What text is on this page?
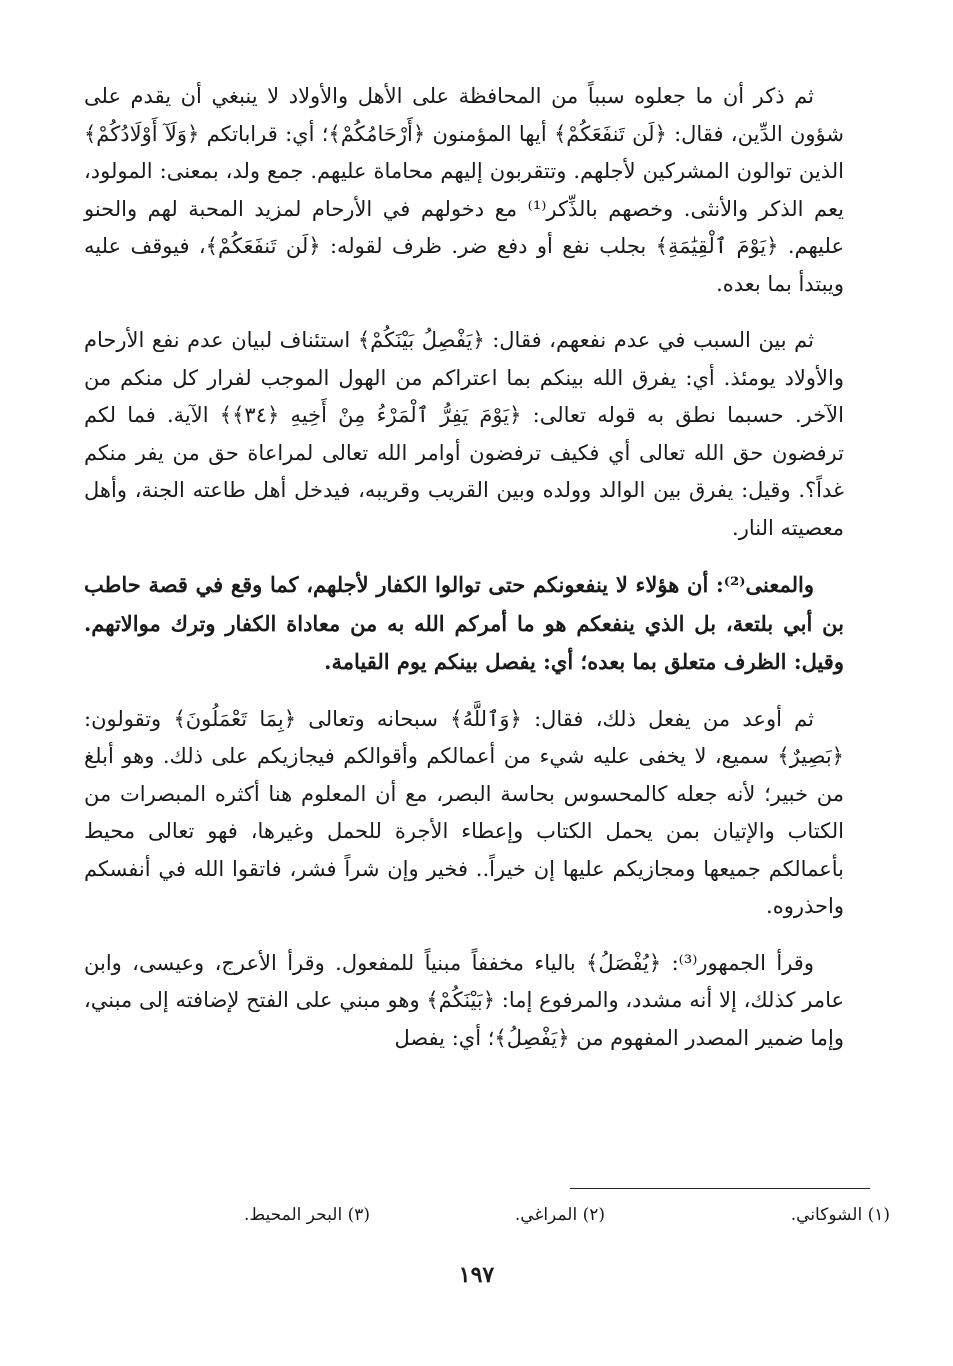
ثم ذكر أن ما جعلوه سبباً من المحافظة على الأهل والأولاد لا ينبغي أن يقدم على شؤون الدِّين، فقال: ﴿لَن تَنفَعَكُمْ﴾ أيها المؤمنون ﴿أَرْحَامُكُمْ﴾؛ أي: قراباتكم ﴿وَلَآ أَوْلَادُكُمْ﴾ الذين توالون المشركين لأجلهم. وتتقربون إليهم محاماة عليهم. جمع ولد، بمعنى: المولود، يعم الذكر والأنثى. وخصهم بالذِّكر⁽¹⁾ مع دخولهم في الأرحام لمزيد المحبة لهم والحنو عليهم. ﴿يَوْمَ ٱلْقِيَٰمَةِ﴾ بجلب نفع أو دفع ضر. ظرف لقوله: ﴿لَن تَنفَعَكُمْ﴾، فيوقف عليه ويبتدأ بما بعده.

ثم بين السبب في عدم نفعهم، فقال: ﴿يَفْصِلُ بَيْنَكُمْ﴾ استئناف لبيان عدم نفع الأرحام والأولاد يومئذ. أي: يفرق الله بينكم بما اعتراكم من الهول الموجب لفرار كل منكم من الآخر. حسبما نطق به قوله تعالى: ﴿يَوْمَ يَفِرُّ ٱلْمَرْءُ مِنْ أَخِيهِ ﴿٣٤﴾﴾ الآية. فما لكم ترفضون حق الله تعالى أي فكيف ترفضون أوامر الله تعالى لمراعاة حق من يفر منكم غداً؟. وقيل: يفرق بين الوالد وولده وبين القريب وقريبه، فيدخل أهل طاعته الجنة، وأهل معصيته النار.

والمعنى⁽²⁾: أن هؤلاء لا ينفعونكم حتى توالوا الكفار لأجلهم، كما وقع في قصة حاطب بن أبي بلتعة، بل الذي ينفعكم هو ما أمركم الله به من معاداة الكفار وترك موالاتهم. وقيل: الظرف متعلق بما بعده؛ أي: يفصل بينكم يوم القيامة.

ثم أوعد من يفعل ذلك، فقال: ﴿وَٱللَّهُ﴾ سبحانه وتعالى ﴿بِمَا تَعْمَلُونَ﴾ وتقولون: ﴿بَصِيرٌ﴾ سميع، لا يخفى عليه شيء من أعمالكم وأقوالكم فيجازيكم على ذلك. وهو أبلغ من خبير؛ لأنه جعله كالمحسوس بحاسة البصر، مع أن المعلوم هنا أكثره المبصرات من الكتاب والإتيان بمن يحمل الكتاب وإعطاء الأجرة للحمل وغيرها، فهو تعالى محيط بأعمالكم جميعها ومجازيكم عليها إن خيراً.. فخير وإن شراً فشر، فاتقوا الله في أنفسكم واحذروه.

وقرأ الجمهور⁽³⁾: ﴿يُفْصَلُ﴾ بالياء مخففاً مبنياً للمفعول. وقرأ الأعرج، وعيسى، وابن عامر كذلك، إلا أنه مشدد، والمرفوع إما: ﴿بَيْنَكُمْ﴾ وهو مبني على الفتح لإضافته إلى مبني، وإما ضمير المصدر المفهوم من ﴿يَفْصِلُ﴾؛ أي: يفصل

(١) الشوكاني.
(٢) المراغي.
(٣) البحر المحيط.
١٩٧
